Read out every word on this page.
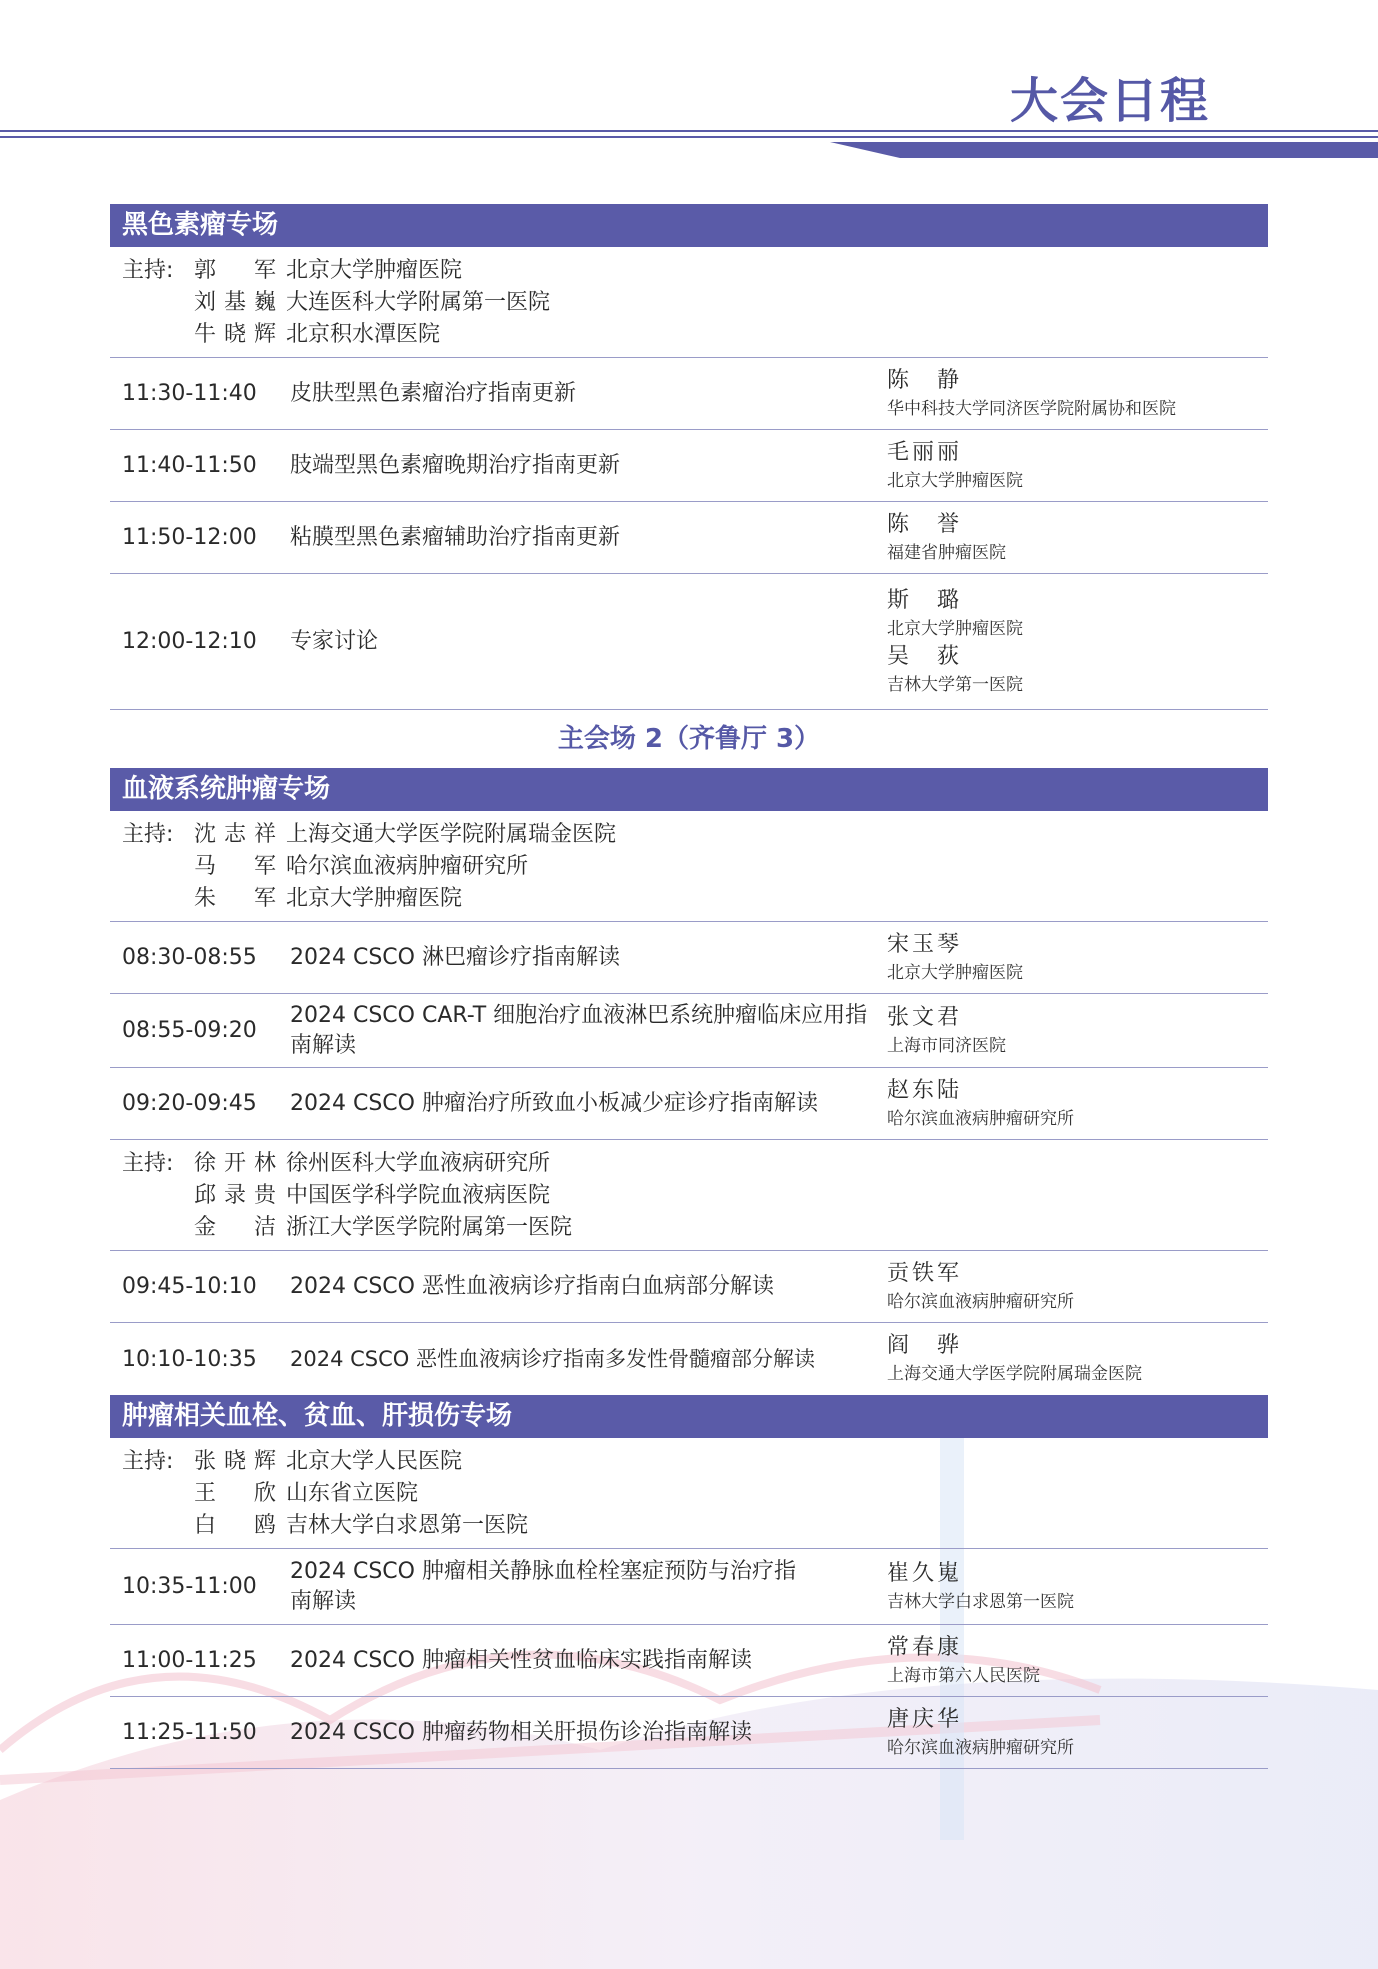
大会日程
黑色素瘤专场
主持: 郭　军 北京大学肿瘤医院
刘基巍 大连医科大学附属第一医院
牛晓辉 北京积水潭医院
11:30-11:40	皮肤型黑色素瘤治疗指南更新
陈　静
华中科技大学同济医学院附属协和医院
11:40-11:50	肢端型黑色素瘤晚期治疗指南更新
毛丽丽
北京大学肿瘤医院
11:50-12:00	粘膜型黑色素瘤辅助治疗指南更新
陈　誉
福建省肿瘤医院
12:00-12:10	专家讨论
斯　璐
北京大学肿瘤医院
吴　荻
吉林大学第一医院
主会场 2（齐鲁厅 3）
血液系统肿瘤专场
主持: 沈志祥 上海交通大学医学院附属瑞金医院
马　军 哈尔滨血液病肿瘤研究所
朱　军 北京大学肿瘤医院
08:30-08:55	2024 CSCO 淋巴瘤诊疗指南解读
宋玉琴
北京大学肿瘤医院
08:55-09:20
2024 CSCO CAR-T 细胞治疗血液淋巴系统肿瘤临床应用指南解读
张文君
上海市同济医院
09:20-09:45	2024 CSCO 肿瘤治疗所致血小板减少症诊疗指南解读
赵东陆
哈尔滨血液病肿瘤研究所
主持: 徐开林 徐州医科大学血液病研究所
邱录贵 中国医学科学院血液病医院
金　洁 浙江大学医学院附属第一医院
09:45-10:10	2024 CSCO 恶性血液病诊疗指南白血病部分解读
贡铁军
哈尔滨血液病肿瘤研究所
10:10-10:35	2024 CSCO 恶性血液病诊疗指南多发性骨髓瘤部分解读
阎　骅
上海交通大学医学院附属瑞金医院
肿瘤相关血栓、贫血、肝损伤专场
主持: 张晓辉 北京大学人民医院
王　欣 山东省立医院
白　鸥 吉林大学白求恩第一医院
10:35-11:00
2024 CSCO 肿瘤相关静脉血栓栓塞症预防与治疗指南解读
崔久嵬
吉林大学白求恩第一医院
11:00-11:25	2024 CSCO 肿瘤相关性贫血临床实践指南解读
常春康
上海市第六人民医院
11:25-11:50	2024 CSCO 肿瘤药物相关肝损伤诊治指南解读
唐庆华
哈尔滨血液病肿瘤研究所
